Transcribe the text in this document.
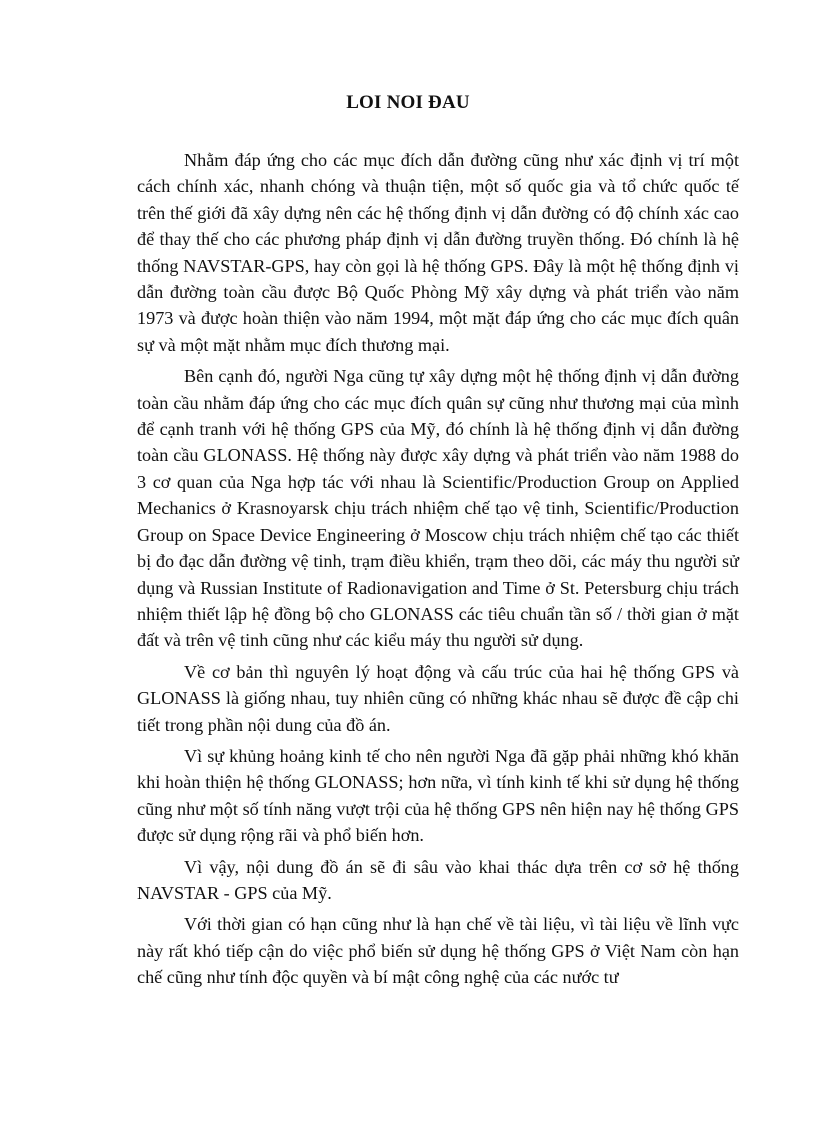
LOI NOI ĐAU

Nhằm đáp ứng cho các mục đích dẫn đường cũng như xác định vị trí một cách chính xác, nhanh chóng và thuận tiện, một số quốc gia và tổ chức quốc tế trên thế giới đã xây dựng nên các hệ thống định vị dẫn đường có độ chính xác cao để thay thế cho các phương pháp định vị dẫn đường truyền thống. Đó chính là hệ thống NAVSTAR-GPS, hay còn gọi là hệ thống GPS. Đây là một hệ thống định vị dẫn đường toàn cầu được Bộ Quốc Phòng Mỹ xây dựng và phát triển vào năm 1973 và được hoàn thiện vào năm 1994, một mặt đáp ứng cho các mục đích quân sự và một mặt nhằm mục đích thương mại.

Bên cạnh đó, người Nga cũng tự xây dựng một hệ thống định vị dẫn đường toàn cầu nhằm đáp ứng cho các mục đích quân sự cũng như thương mại của mình để cạnh tranh với hệ thống GPS của Mỹ, đó chính là hệ thống định vị dẫn đường toàn cầu GLONASS. Hệ thống này được xây dựng và phát triển vào năm 1988 do 3 cơ quan của Nga hợp tác với nhau là Scientific/Production Group on Applied Mechanics ở Krasnoyarsk chịu trách nhiệm chế tạo vệ tinh, Scientific/Production Group on Space Device Engineering ở Moscow chịu trách nhiệm chế tạo các thiết bị đo đạc dẫn đường vệ tinh, trạm điều khiển, trạm theo dõi, các máy thu người sử dụng và Russian Institute of Radionavigation and Time ở St. Petersburg chịu trách nhiệm thiết lập hệ đồng bộ cho GLONASS các tiêu chuẩn tần số / thời gian ở mặt đất và trên vệ tinh cũng như các kiểu máy thu người sử dụng.

Về cơ bản thì nguyên lý hoạt động và cấu trúc của hai hệ thống GPS và GLONASS là giống nhau, tuy nhiên cũng có những khác nhau sẽ được đề cập chi tiết trong phần nội dung của đồ án.

Vì sự khủng hoảng kinh tế cho nên người Nga đã gặp phải những khó khăn khi hoàn thiện hệ thống GLONASS; hơn nữa, vì tính kinh tế khi sử dụng hệ thống cũng như một số tính năng vượt trội của hệ thống GPS nên hiện nay hệ thống GPS được sử dụng rộng rãi và phổ biến hơn.

Vì vậy, nội dung đồ án sẽ đi sâu vào khai thác dựa trên cơ sở hệ thống NAVSTAR - GPS của Mỹ.

Với thời gian có hạn cũng như là hạn chế về tài liệu, vì tài liệu về lĩnh vực này rất khó tiếp cận do việc phổ biến sử dụng hệ thống GPS ở Việt Nam còn hạn chế cũng như tính độc quyền và bí mật công nghệ của các nước tư
